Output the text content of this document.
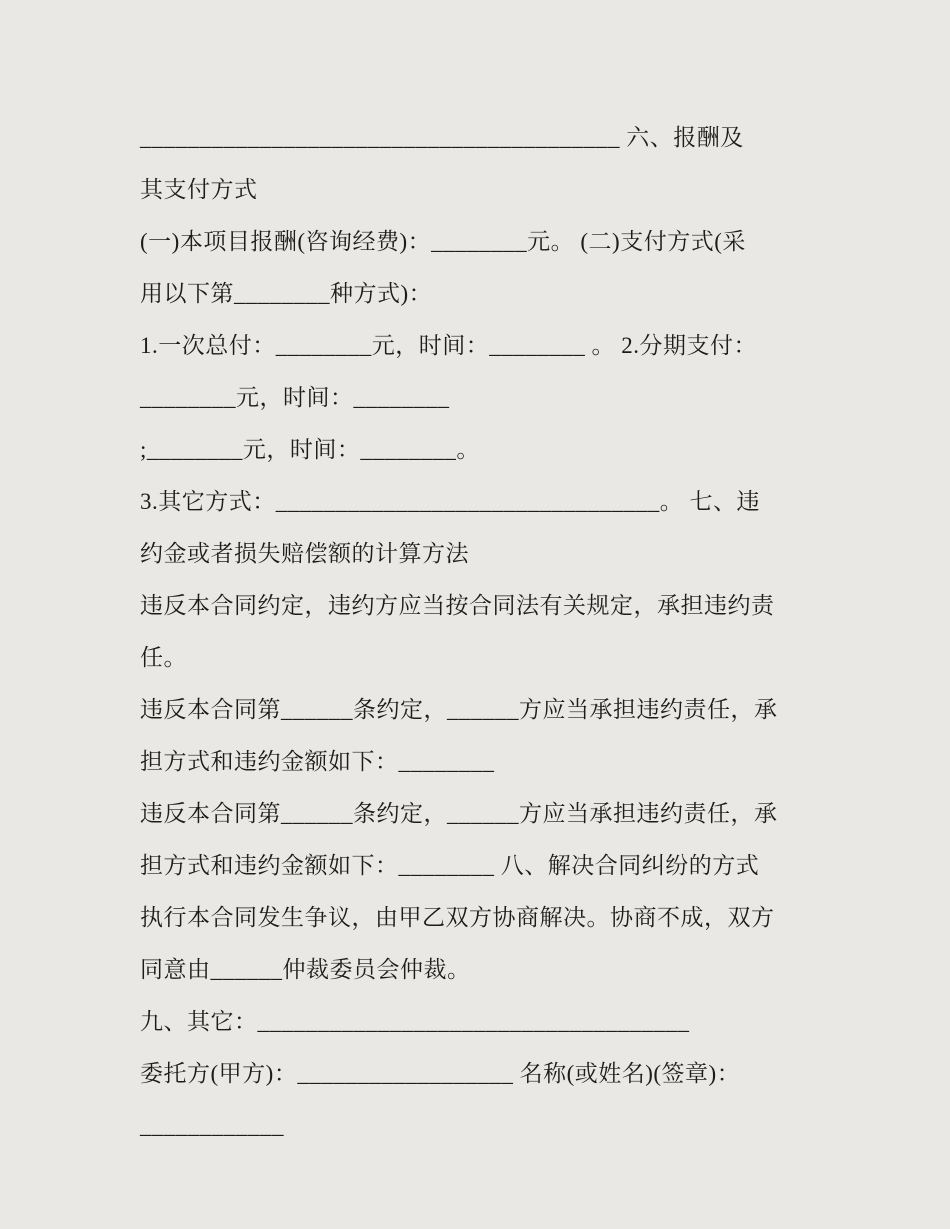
________________________________________ 六、报酬及
其支付方式
(一)本项目报酬(咨询经费)：________元。 (二)支付方式(采
用以下第________种方式)：
1.一次总付：________元，时间：________ 。 2.分期支付：
________元，时间：________
;________元，时间：________。
3.其它方式：________________________________。 七、违
约金或者损失赔偿额的计算方法
违反本合同约定，违约方应当按合同法有关规定，承担违约责
任。
违反本合同第______条约定，______方应当承担违约责任，承
担方式和违约金额如下：________
违反本合同第______条约定，______方应当承担违约责任，承
担方式和违约金额如下：________ 八、解决合同纠纷的方式
执行本合同发生争议，由甲乙双方协商解决。协商不成，双方
同意由______仲裁委员会仲裁。
九、其它：____________________________________
委托方(甲方)：__________________ 名称(或姓名)(签章)：
____________
